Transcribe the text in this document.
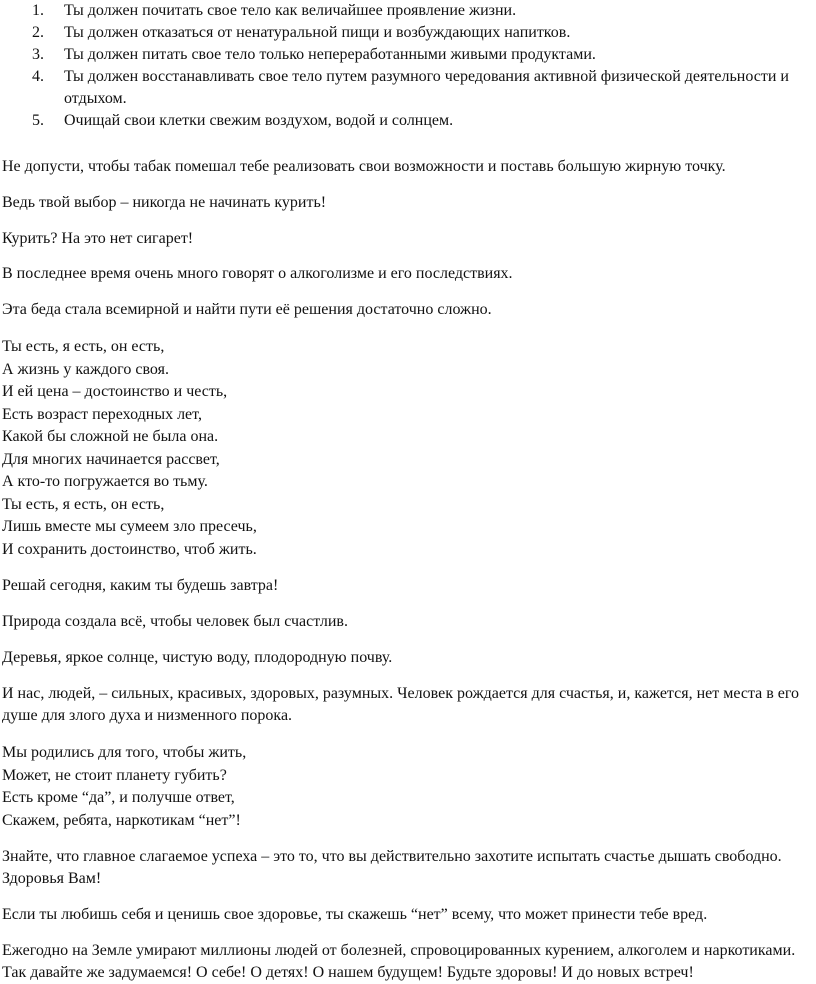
1. Ты должен почитать свое тело как величайшее проявление жизни.
2. Ты должен отказаться от ненатуральной пищи и возбуждающих напитков.
3. Ты должен питать свое тело только непереработанными живыми продуктами.
4. Ты должен восстанавливать свое тело путем разумного чередования активной физической деятельности и отдыхом.
5. Очищай свои клетки свежим воздухом, водой и солнцем.

Не допусти, чтобы табак помешал тебе реализовать свои возможности и поставь большую жирную точку.

Ведь твой выбор – никогда не начинать курить!

Курить? На это нет сигарет!

В последнее время очень много говорят о алкоголизме и его последствиях.

Эта беда стала всемирной и найти пути её решения достаточно сложно.

Ты есть, я есть, он есть,
А жизнь у каждого своя.
И ей цена – достоинство и честь,
Есть возраст переходных лет,
Какой бы сложной не была она.
Для многих начинается рассвет,
А кто-то погружается во тьму.
Ты есть, я есть, он есть,
Лишь вместе мы сумеем зло пресечь,
И сохранить достоинство, чтоб жить.

Решай сегодня, каким ты будешь завтра!

Природа создала всё, чтобы человек был счастлив.

Деревья, яркое солнце, чистую воду, плодородную почву.

И нас, людей, – сильных, красивых, здоровых, разумных. Человек рождается для счастья, и, кажется, нет места в его душе для злого духа и низменного порока.

Мы родились для того, чтобы жить,
Может, не стоит планету губить?
Есть кроме “да”, и получше ответ,
Скажем, ребята, наркотикам “нет”!

Знайте, что главное слагаемое успеха – это то, что вы действительно захотите испытать счастье дышать свободно. Здоровья Вам!

Если ты любишь себя и ценишь свое здоровье, ты скажешь “нет” всему, что может принести тебе вред.

Ежегодно на Земле умирают миллионы людей от болезней, спровоцированных курением, алкоголем и наркотиками. Так давайте же задумаемся! О себе! О детях! О нашем будущем! Будьте здоровы! И до новых встреч!
